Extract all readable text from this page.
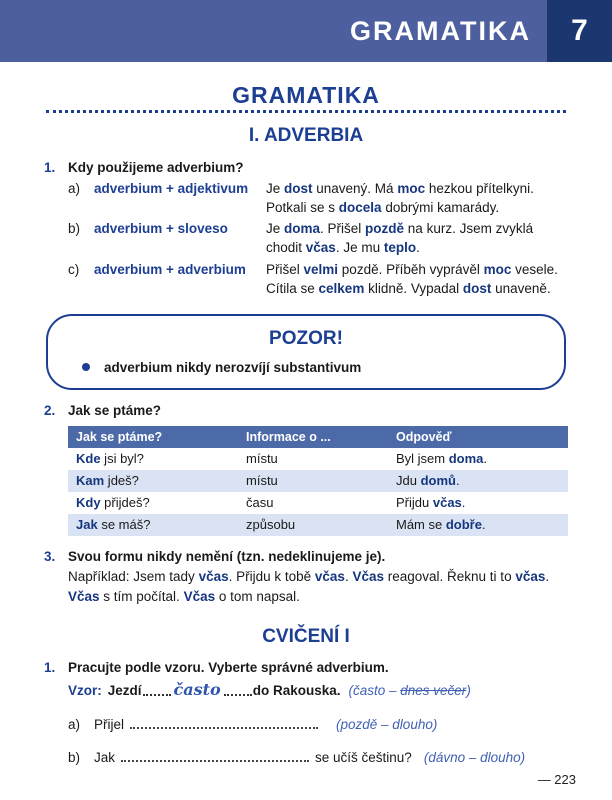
GRAMATIKA	7
GRAMATIKA
I. ADVERBIA
1. Kdy použijeme adverbium?
a)	adverbium + adjektivum	Je dost unavený. Má moc hezkou přítelkyni. Potkali se s docela dobrými kamarády.
b)	adverbium + sloveso	Je doma. Přišel pozdě na kurz. Jsem zvyklá chodit včas. Je mu teplo.
c)	adverbium + adverbium	Přišel velmi pozdě. Příběh vyprávěl moc vesele. Cítila se celkem klidně. Vypadal dost unaveně.
POZOR!
adverbium nikdy nerozvíjí substantivum
2. Jak se ptáme?
Jak se ptáme?	Informace o ...	Odpověď
Kde jsi byl?	místu	Byl jsem doma.
Kam jdeš?	místu	Jdu domů.
Kdy přijdeš?	času	Přijdu včas.
Jak se máš?	způsobu	Mám se dobře.
3. Svou formu nikdy nemění (tzn. nedeklinujeme je).

Například: Jsem tady včas. Přijdu k tobě včas. Včas reagoval. Řeknu ti to včas. Včas s tím počítal. Včas o tom napsal.

CVIČENÍ I
1. Pracujte podle vzoru. Vyberte správné adverbium.
Vzor: Jezdí často do Rakouska. (často – dnes večer)
a)	Přijel	(pozdě – dlouho)
b)	Jak	se učíš češtinu? (dávno – dlouho)
— 223
